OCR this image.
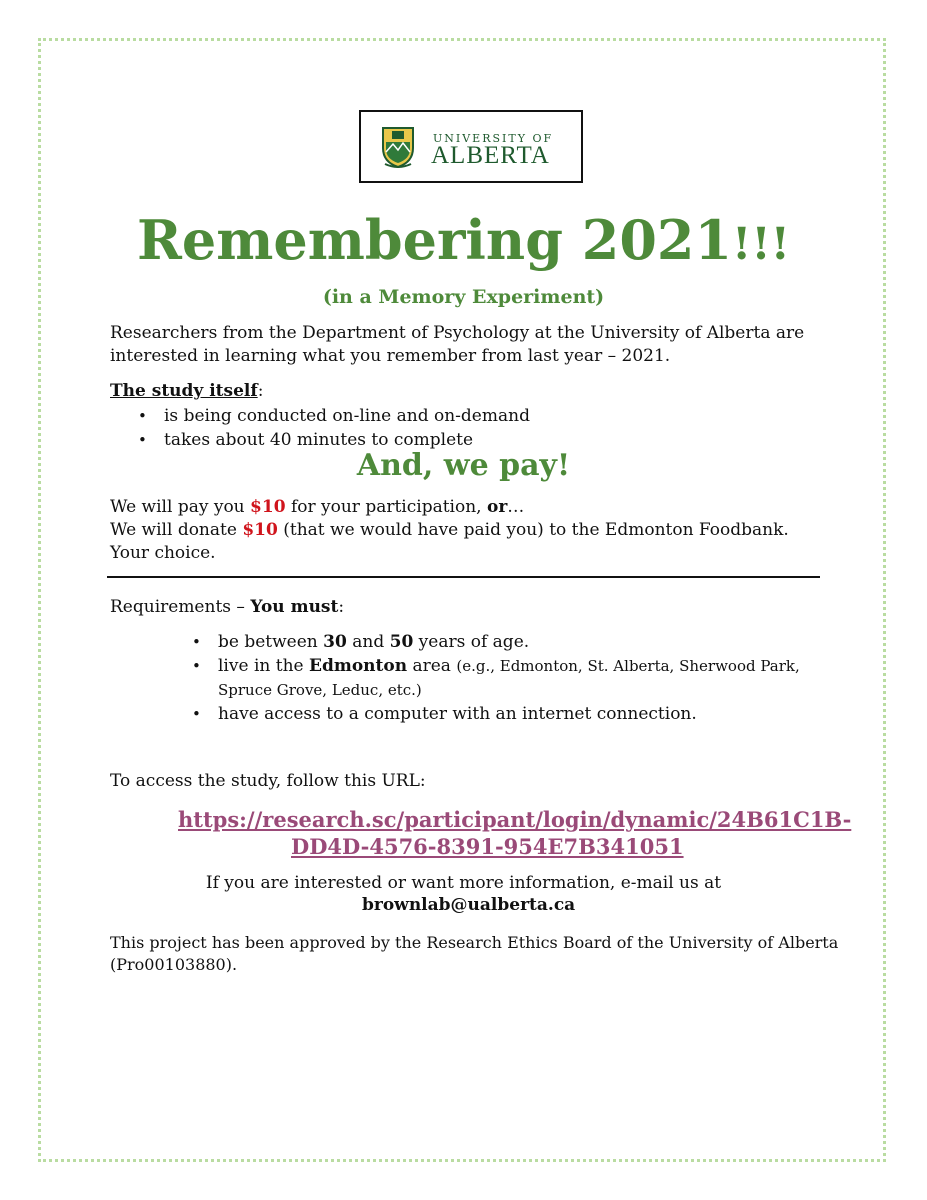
UNIVERSITY OF
ALBERTA
Remembering 2021!!!
(in a Memory Experiment)
Researchers from the Department of Psychology at the University of Alberta are interested in learning what you remember from last year – 2021.
The study itself:
• is being conducted on-line and on-demand
• takes about 40 minutes to complete
And, we pay!
We will pay you $10 for your participation, or…
We will donate $10 (that we would have paid you) to the Edmonton Foodbank.
Your choice.
Requirements – You must:
• be between 30 and 50 years of age.
• live in the Edmonton area (e.g., Edmonton, St. Alberta, Sherwood Park, Spruce Grove, Leduc, etc.)
• have access to a computer with an internet connection.
To access the study, follow this URL:
https://research.sc/participant/login/dynamic/24B61C1B-
DD4D-4576-8391-954E7B341051
If you are interested or want more information, e-mail us at
brownlab@ualberta.ca
This project has been approved by the Research Ethics Board of the University of Alberta (Pro00103880).
